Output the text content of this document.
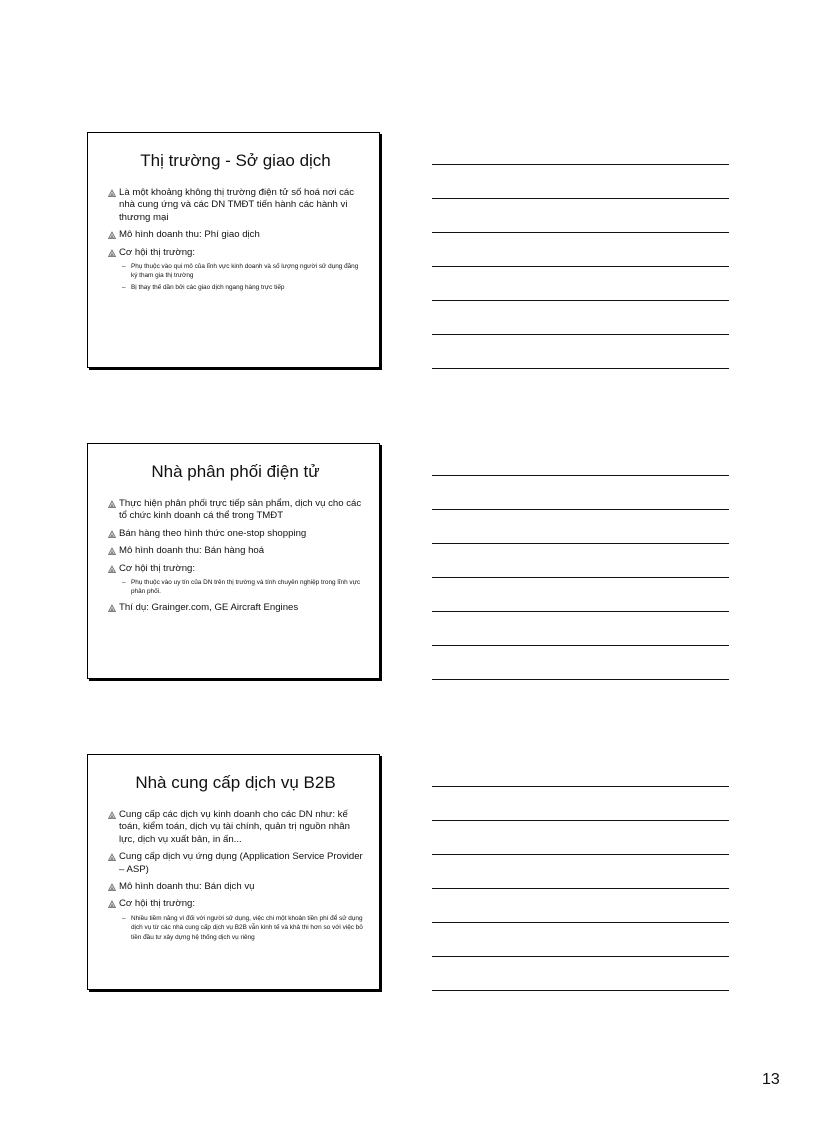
Thị trường - Sở giao dịch
Là một khoảng không thị trường điện tử số hoá nơi các nhà cung ứng và các DN TMĐT tiến hành các hành vi thương mại
Mô hình doanh thu: Phí giao dịch
Cơ hội thị trường:
– Phụ thuộc vào qui mô của lĩnh vực kinh doanh và số lượng người sử dụng đăng ký tham gia thị trường
– Bị thay thế dần bởi các giao dịch ngang hàng trực tiếp
Nhà phân phối điện tử
Thực hiện phân phối trực tiếp sản phẩm, dịch vụ cho các tổ chức kinh doanh cá thể trong TMĐT
Bán hàng theo hình thức one-stop shopping
Mô hình doanh thu: Bán hàng hoá
Cơ hội thị trường:
– Phụ thuộc vào uy tín của DN trên thị trường và tính chuyên nghiệp trong lĩnh vực phân phối.
Thí dụ: Grainger.com, GE Aircraft Engines
Nhà cung cấp dịch vụ B2B
Cung cấp các dịch vụ kinh doanh cho các DN như: kế toán, kiểm toán, dịch vụ tài chính, quản trị nguồn nhân lực, dịch vụ xuất bản, in ấn...
Cung cấp dịch vụ ứng dụng (Application Service Provider – ASP)
Mô hình doanh thu: Bán dịch vụ
Cơ hội thị trường:
– Nhiều tiềm năng vì đối với người sử dụng, việc chi một khoản tiền phí để sử dụng dịch vụ từ các nhà cung cấp dịch vụ B2B vẫn kinh tế và khả thi hơn so với việc bỏ tiền đầu tư xây dựng hệ thống dịch vụ riêng
13
